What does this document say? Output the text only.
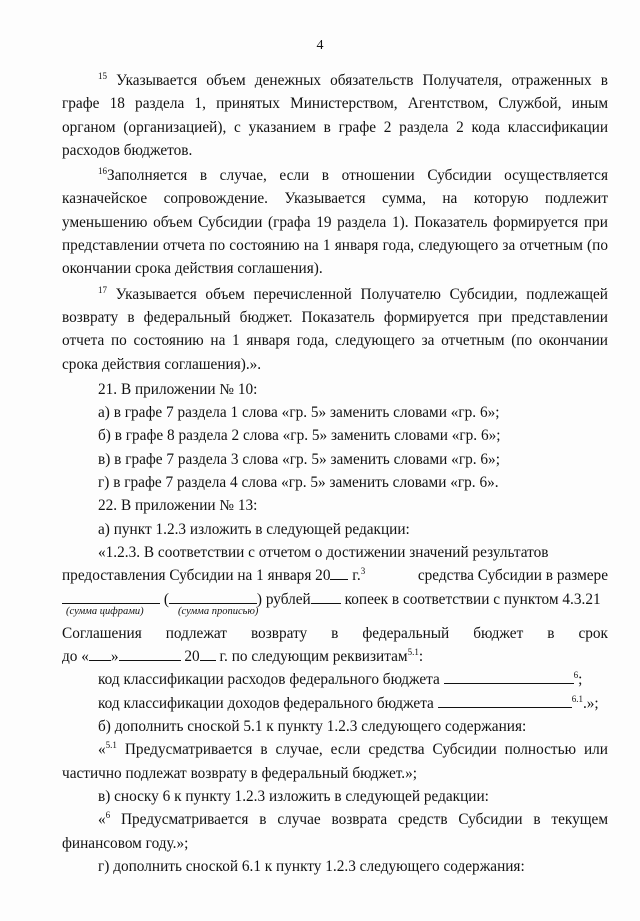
4

$^{15}$ Указывается объем денежных обязательств Получателя, отраженных в графе 18 раздела 1, принятых Министерством, Агентством, Службой, иным органом (организацией), с указанием в графе 2 раздела 2 кода классификации расходов бюджетов.

$^{16}$Заполняется в случае, если в отношении Субсидии осуществляется казначейское сопровождение. Указывается сумма, на которую подлежит уменьшению объем Субсидии (графа 19 раздела 1). Показатель формируется при представлении отчета по состоянию на 1 января года, следующего за отчетным (по окончании срока действия соглашения).

$^{17}$ Указывается объем перечисленной Получателю Субсидии, подлежащей возврату в федеральный бюджет. Показатель формируется при представлении отчета по состоянию на 1 января года, следующего за отчетным (по окончании срока действия соглашения).».

21. В приложении № 10:

а) в графе 7 раздела 1 слова «гр. 5» заменить словами «гр. 6»;

б) в графе 8 раздела 2 слова «гр. 5» заменить словами «гр. 6»;

в) в графе 7 раздела 3 слова «гр. 5» заменить словами «гр. 6»;

г) в графе 7 раздела 4 слова «гр. 5» заменить словами «гр. 6».

22. В приложении № 13:

а) пункт 1.2.3 изложить в следующей редакции:

«1.2.3. В соответствии с отчетом о достижении значений результатов

предоставления Субсидии на 1 января 20 г.$^3$	средства Субсидии в размере
(	) рублей копеек в соответствии с пунктом 4.3.21
(сумма цифрами)	(сумма прописью)
Соглашения подлежат возврату в федеральный бюджет в срок
до « »	20 г. по следующим реквизитам$^{5.1}$:
код классификации расходов федерального бюджета	$^6$;
код классификации доходов федерального бюджета	$^{6.1}$.»;

б) дополнить сноской 5.1 к пункту 1.2.3 следующего содержания:

«$^{5.1}$ Предусматривается в случае, если средства Субсидии полностью или частично подлежат возврату в федеральный бюджет.»;

в) сноску 6 к пункту 1.2.3 изложить в следующей редакции:

«$^6$ Предусматривается в случае возврата средств Субсидии в текущем финансовом году.»;

г) дополнить сноской 6.1 к пункту 1.2.3 следующего содержания:
